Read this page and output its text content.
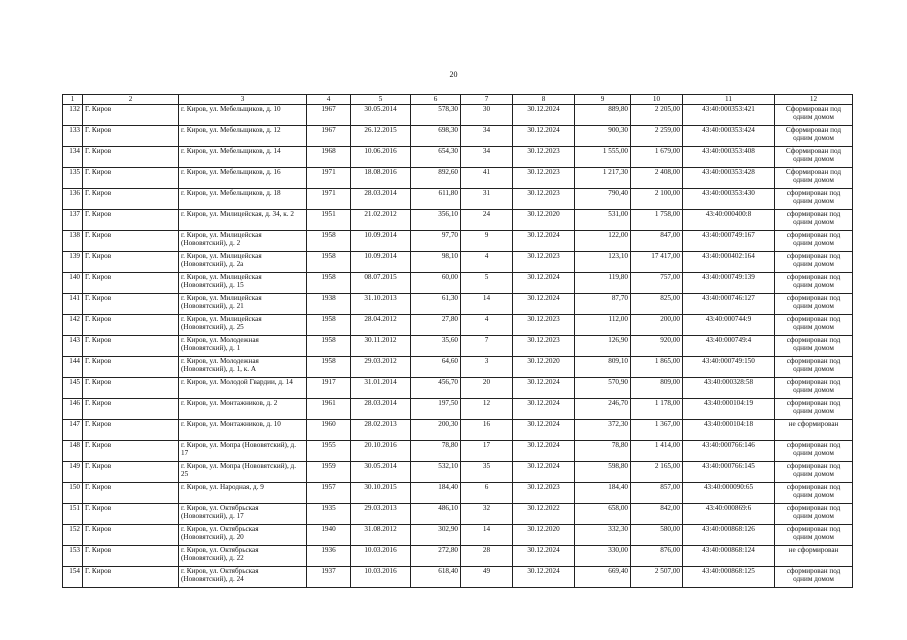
20
1	2	3	4	5	6	7	8	9	10	11	12
132	Г. Киров	г. Киров, ул. Мебельщиков, д. 10	1967	30.05.2014	578,30	30	30.12.2024	889,80	2 205,00	43:40:000353:421	Сформирован под одним домом
133	Г. Киров	г. Киров, ул. Мебельщиков, д. 12	1967	26.12.2015	698,30	34	30.12.2024	900,30	2 259,00	43:40:000353:424	Сформирован под одним домом
134	Г. Киров	г. Киров, ул. Мебельщиков, д. 14	1968	10.06.2016	654,30	34	30.12.2023	1 555,00	1 679,00	43:40:000353:408	Сформирован под одним домом
135	Г. Киров	г. Киров, ул. Мебельщиков, д. 16	1971	18.08.2016	892,60	41	30.12.2023	1 217,30	2 408,00	43:40:000353:428	Сформирован под одним домом
136	Г. Киров	г. Киров, ул. Мебельщиков, д. 18	1971	28.03.2014	611,80	31	30.12.2023	790,40	2 100,00	43:40:000353:430	сформирован под одним домом
137	Г. Киров	г. Киров, ул. Милицейская, д. 34, к. 2	1951	21.02.2012	356,10	24	30.12.2020	531,00	1 758,00	43:40:000400:8	сформирован под одним домом
138	Г. Киров	г. Киров, ул. Милицейская (Нововятский), д. 2	1958	10.09.2014	97,70	9	30.12.2024	122,00	847,00	43:40:000749:167	сформирован под одним домом
139	Г. Киров	г. Киров, ул. Милицейская (Нововятский), д. 2а	1958	10.09.2014	98,10	4	30.12.2023	123,10	17 417,00	43:40:000402:164	сформирован под одним домом
140	Г. Киров	г. Киров, ул. Милицейская (Нововятский), д. 15	1958	08.07.2015	60,00	5	30.12.2024	119,80	757,00	43:40:000749:139	сформирован под одним домом
141	Г. Киров	г. Киров, ул. Милицейская (Нововятский), д. 21	1938	31.10.2013	61,30	14	30.12.2024	87,70	825,00	43:40:000746:127	сформирован под одним домом
142	Г. Киров	г. Киров, ул. Милицейская (Нововятский), д. 25	1958	28.04.2012	27,80	4	30.12.2023	112,00	200,00	43:40:000744:9	сформирован под одним домом
143	Г. Киров	г. Киров, ул. Молодежная (Нововятский), д. 1	1958	30.11.2012	35,60	7	30.12.2023	126,90	920,00	43:40:000749:4	сформирован под одним домом
144	Г. Киров	г. Киров, ул. Молодежная (Нововятский), д. 1, к. А	1958	29.03.2012	64,60	3	30.12.2020	809,10	1 865,00	43:40:000749:150	сформирован под одним домом
145	Г. Киров	г. Киров, ул. Молодой Гвардии, д. 14	1917	31.01.2014	456,70	20	30.12.2024	570,90	809,00	43:40:000328:58	сформирован под одним домом
146	Г. Киров	г. Киров, ул. Монтажников, д. 2	1961	28.03.2014	197,50	12	30.12.2024	246,70	1 178,00	43:40:000104:19	сформирован под одним домом
147	Г. Киров	г. Киров, ул. Монтажников, д. 10	1960	28.02.2013	200,30	16	30.12.2024	372,30	1 367,00	43:40:000104:18	не сформирован
148	Г. Киров	г. Киров, ул. Мопра (Нововятский), д. 17	1955	20.10.2016	78,80	17	30.12.2024	78,80	1 414,00	43:40:000766:146	сформирован под одним домом
149	Г. Киров	г. Киров, ул. Мопра (Нововятский), д. 25	1959	30.05.2014	532,10	35	30.12.2024	598,80	2 165,00	43:40:000766:145	сформирован под одним домом
150	Г. Киров	г. Киров, ул. Народная, д. 9	1957	30.10.2015	184,40	6	30.12.2023	184,40	857,00	43:40:000090:65	сформирован под одним домом
151	Г. Киров	г. Киров, ул. Октябрьская (Нововятский), д. 17	1935	29.03.2013	486,10	32	30.12.2022	658,00	842,00	43:40:000869:6	сформирован под одним домом
152	Г. Киров	г. Киров, ул. Октябрьская (Нововятский), д. 20	1940	31.08.2012	302,90	14	30.12.2020	332,30	580,00	43:40:000868:126	сформирован под одним домом
153	Г. Киров	г. Киров, ул. Октябрьская (Нововятский), д. 22	1936	10.03.2016	272,80	28	30.12.2024	330,00	876,00	43:40:000868:124	не сформирован
154	Г. Киров	г. Киров, ул. Октябрьская (Нововятский), д. 24	1937	10.03.2016	618,40	49	30.12.2024	669,40	2 507,00	43:40:000868:125	сформирован под одним домом
